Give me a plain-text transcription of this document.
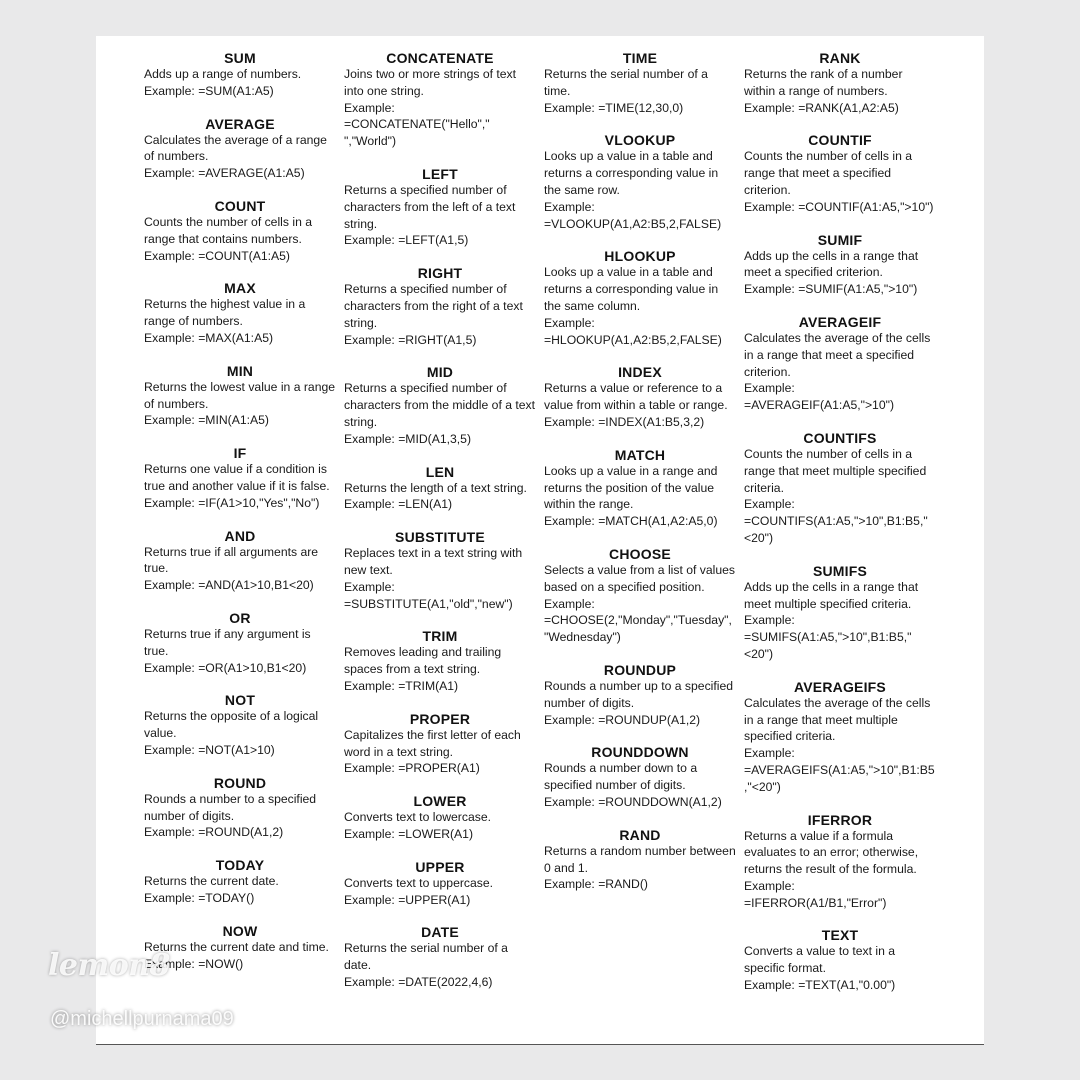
SUM
Adds up a range of numbers.
Example: =SUM(A1:A5)
AVERAGE
Calculates the average of a range of numbers.
Example: =AVERAGE(A1:A5)
COUNT
Counts the number of cells in a range that contains numbers.
Example: =COUNT(A1:A5)
MAX
Returns the highest value in a range of numbers.
Example: =MAX(A1:A5)
MIN
Returns the lowest value in a range of numbers.
Example: =MIN(A1:A5)
IF
Returns one value if a condition is true and another value if it is false.
Example: =IF(A1>10,"Yes","No")
AND
Returns true if all arguments are true.
Example: =AND(A1>10,B1<20)
OR
Returns true if any argument is true.
Example: =OR(A1>10,B1<20)
NOT
Returns the opposite of a logical value.
Example: =NOT(A1>10)
ROUND
Rounds a number to a specified number of digits.
Example: =ROUND(A1,2)
TODAY
Returns the current date.
Example: =TODAY()
NOW
Returns the current date and time.
Example: =NOW()
CONCATENATE
Joins two or more strings of text into one string.
Example: =CONCATENATE("Hello"," ","World")
LEFT
Returns a specified number of characters from the left of a text string.
Example: =LEFT(A1,5)
RIGHT
Returns a specified number of characters from the right of a text string.
Example: =RIGHT(A1,5)
MID
Returns a specified number of characters from the middle of a text string.
Example: =MID(A1,3,5)
LEN
Returns the length of a text string.
Example: =LEN(A1)
SUBSTITUTE
Replaces text in a text string with new text.
Example: =SUBSTITUTE(A1,"old","new")
TRIM
Removes leading and trailing spaces from a text string.
Example: =TRIM(A1)
PROPER
Capitalizes the first letter of each word in a text string.
Example: =PROPER(A1)
LOWER
Converts text to lowercase.
Example: =LOWER(A1)
UPPER
Converts text to uppercase.
Example: =UPPER(A1)
DATE
Returns the serial number of a date.
Example: =DATE(2022,4,6)
TIME
Returns the serial number of a time.
Example: =TIME(12,30,0)
VLOOKUP
Looks up a value in a table and returns a corresponding value in the same row.
Example: =VLOOKUP(A1,A2:B5,2,FALSE)
HLOOKUP
Looks up a value in a table and returns a corresponding value in the same column.
Example: =HLOOKUP(A1,A2:B5,2,FALSE)
INDEX
Returns a value or reference to a value from within a table or range.
Example: =INDEX(A1:B5,3,2)
MATCH
Looks up a value in a range and returns the position of the value within the range.
Example: =MATCH(A1,A2:A5,0)
CHOOSE
Selects a value from a list of values based on a specified position.
Example: =CHOOSE(2,"Monday","Tuesday","Wednesday")
ROUNDUP
Rounds a number up to a specified number of digits.
Example: =ROUNDUP(A1,2)
ROUNDDOWN
Rounds a number down to a specified number of digits.
Example: =ROUNDDOWN(A1,2)
RAND
Returns a random number between 0 and 1.
Example: =RAND()
RANK
Returns the rank of a number within a range of numbers.
Example: =RANK(A1,A2:A5)
COUNTIF
Counts the number of cells in a range that meet a specified criterion.
Example: =COUNTIF(A1:A5,">10")
SUMIF
Adds up the cells in a range that meet a specified criterion.
Example: =SUMIF(A1:A5,">10")
AVERAGEIF
Calculates the average of the cells in a range that meet a specified criterion.
Example: =AVERAGEIF(A1:A5,">10")
COUNTIFS
Counts the number of cells in a range that meet multiple specified criteria.
Example: =COUNTIFS(A1:A5,">10",B1:B5,"<20")
SUMIFS
Adds up the cells in a range that meet multiple specified criteria.
Example: =SUMIFS(A1:A5,">10",B1:B5,"<20")
AVERAGEIFS
Calculates the average of the cells in a range that meet multiple specified criteria.
Example: =AVERAGEIFS(A1:A5,">10",B1:B5,"<20")
IFERROR
Returns a value if a formula evaluates to an error; otherwise, returns the result of the formula.
Example: =IFERROR(A1/B1,"Error")
TEXT
Converts a value to text in a specific format.
Example: =TEXT(A1,"0.00")
lemon8
@michellpurnama09
